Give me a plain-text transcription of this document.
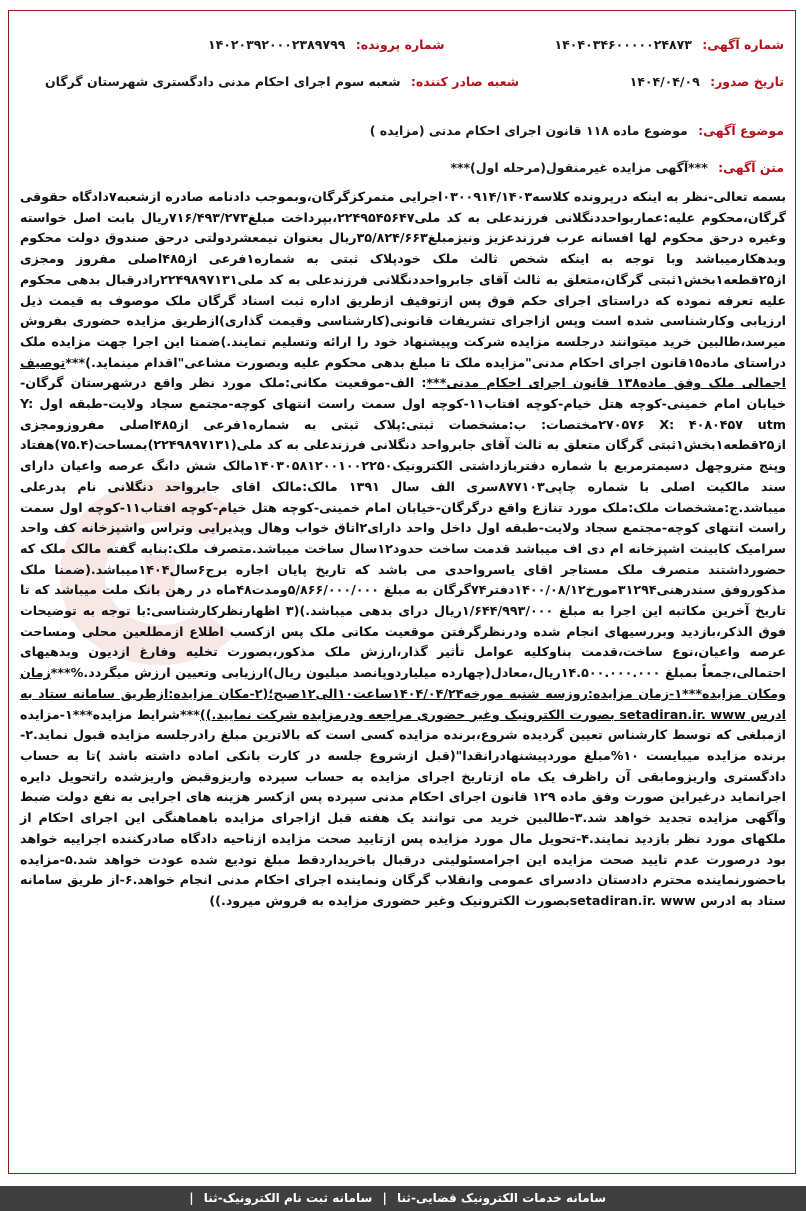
شماره آگهی: ۱۴۰۴۰۳۴۶۰۰۰۰۰۲۴۸۷۳
شماره پرونده: ۱۴۰۲۰۳۹۲۰۰۰۲۳۸۹۷۹۹
تاریخ صدور: ۱۴۰۴/۰۴/۰۹
شعبه صادر کننده: شعبه سوم اجرای احکام مدنی دادگستری شهرستان گرگان
موضوع آگهی: موضوع ماده ۱۱۸ قانون اجرای احکام مدنی (مزایده )
متن آگهی: ***آگهی مزایده غیرمنقول(مرحله اول)***
بسمه تعالی-نظر به اینکه درپرونده کلاسه۰۳۰۰۹۱۴/۱۴۰۳اجرایی متمرکزگرگان،وبموجب دادنامه صادره ازشعبه۷دادگاه حقوقی گرگان،محکوم علیه:عماربواحددنگلانی فرزندعلی به کد ملی۲۲۴۹۵۴۵۶۴۷،بپرداخت مبلغ۷۱۶/۴۹۳/۲۷۳ریال بابت اصل خواسته وغیره درحق محکوم لها افسانه عرب فرزندعزیز ونیزمبلغ۳۵/۸۲۴/۶۶۳ریال بعنوان نیمعشردولتی درحق صندوق دولت محکوم وبدهکارمیباشد وبا توجه به اینکه شخص ثالث ملک خودپلاک ثبتی به شماره۱فرعی از۴۸۵اصلی مفروز ومجزی از۲۵قطعه۱بخش۱ثبتی گرگان،متعلق به ثالث آقای جابرواحددنگلانی فرزندعلی به کد ملی۲۲۴۹۸۹۷۱۳۱رادرقبال بدهی محکوم علیه تعرفه نموده که دراستای اجرای حکم فوق پس ازتوقیف ازطریق اداره ثبت اسناد گرگان ملک موصوف به قیمت ذیل ارزیابی وکارشناسی شده است وپس ازاجرای تشریفات قانونی(کارشناسی وقیمت گذاری)ازطریق مزایده حضوری بفروش میرسد،طالبین خرید میتوانند درجلسه مزایده شرکت وپیشنهاد خود را ارائه وتسلیم نمایند.)ضمنا این اجرا جهت مزایده ملک دراستای ماده۱۵قانون اجرای احکام مدنی"مزایده ملک تا مبلغ بدهی محکوم علیه وبصورت مشاعی"اقدام مینماید.)***توصیف اجمالی ملک وفق ماده۱۳۸ قانون اجرای احکام مدنی***: الف-موقعیت مکانی:ملک مورد نظر واقع درشهرستان گرگان-خیابان امام خمینی-کوچه هتل خیام-کوچه افتاب۱۱-کوچه اول سمت راست انتهای کوچه-مجتمع سجاد ولایت-طبقه اول Y: ۲۷۰۵۷۶ X: ۴۰۸۰۴۵۷ utmمختصات: ب:مشخصات ثبتی:پلاک ثبتی به شماره۱فرعی از۴۸۵اصلی مفروزومجزی از۲۵قطعه۱بخش۱ثبتی گرگان متعلق به ثالث آقای جابرواحد دنگلانی فرزندعلی به کد ملی(۲۲۴۹۸۹۷۱۳۱)بمساحت(۷۵.۴)هفتاد وپنج متروچهل دسیمترمربع با شماره دفتربازداشتی الکترونیک۱۴۰۳۰۵۸۱۲۰۰۱۰۰۲۲۵۰مالک شش دانگ عرصه واعیان دارای سند مالکیت اصلی با شماره چاپی۸۷۷۱۰۳سری الف سال ۱۳۹۱ مالک:مالک اقای جابرواحد دنگلانی نام پدرعلی میباشد.ج:مشخصات ملک:ملک مورد تنازع واقع درگرگان-خیابان امام خمینی-کوچه هتل خیام-کوچه افتاب۱۱-کوچه اول سمت راست انتهای کوچه-مجتمع سجاد ولایت-طبقه اول داخل واحد دارای۲اتاق خواب وهال وپذیرایی وتراس واشپزخانه کف واحد سرامیک کابینت اشپزخانه ام دی اف میباشد قدمت ساخت حدود۱۲سال ساخت میباشد.متصرف ملک:بنابه گفته مالک ملک که حضورداشتند متصرف ملک مستاجر اقای یاسرواحدی می باشد که تاریخ پایان اجاره برج۶سال۱۴۰۴میباشد.(ضمنا ملک مذکوروفق سندرهنی۳۱۲۹۴مورخ۱۴۰۰/۰۸/۱۲دفتر۷۴گرگان به مبلغ ۵/۸۶۶/۰۰۰/۰۰۰ومدت۴۸ماه در رهن بانک ملت میباشد که تا تاریخ آخرین مکاتبه این اجرا به مبلغ ۱/۶۴۴/۹۹۳/۰۰۰ریال درای بدهی میباشد.)(۳ اظهارنظرکارشناسی:با توجه به توضیحات فوق الذکر،بازدید وبررسیهای انجام شده ودرنظرگرفتن موقعیت مکانی ملک پس ازکسب اطلاع ازمطلعین محلی ومساحت عرصه واعیان،نوع ساخت،قدمت بناوکلیه عوامل تأثیر گذار،ارزش ملک مذکور،بصورت تخلیه وفارغ ازدیون وبدهیهای احتمالی،جمعاً بمبلغ ۱۴.۵۰۰.۰۰۰.۰۰۰ریال،معادل(چهارده میلیاردوپانصد میلیون ریال)ارزیابی وتعیین ارزش میگردد.%***زمان ومکان مزایده***۱-زمان مزایده:روزسه شنبه مورخه۱۴۰۴/۰۴/۲۴ساعت۱۰الی۱۲صبح؛(۲-مکان مزایده:ازطریق سامانه ستاد به ادرس setadiran.ir. www بصورت الکترونیک وغیر حضوری مراجعه ودرمزایده شرکت نمایید.))***شرایط مزایده***۱-مزایده ازمبلغی که توسط کارشناس تعیین گردیده شروع،برنده مزایده کسی است که بالاترین مبلغ رادرجلسه مزایده قبول نماید.۲-برنده مزایده میبایست ۱۰%مبلغ موردپیشنهادرانقدا"(قبل ازشروع جلسه در کارت بانکی اماده داشته باشد )تا به حساب دادگستری واریزومابقی آن راظرف یک ماه ازتاریخ اجرای مزایده به حساب سپرده واریزوقبض واریزشده راتحویل دایره اجرانماید درغیراین صورت وفق ماده ۱۲۹ قانون اجرای احکام مدنی سپرده پس ازکسر هزینه های اجرایی به نفع دولت ضبط وآگهی مزایده تجدید خواهد شد.۳-طالبین خرید می توانند یک هفته قبل ازاجرای مزایده باهماهنگی این اجرای احکام از ملکهای مورد نظر بازدید نمایند.۴-تحویل مال مورد مزایده پس ازتایید صحت مزایده ازناحیه دادگاه صادرکننده اجراییه خواهد بود درصورت عدم تایید صحت مزایده این اجرامسئولیتی درقبال باخریداردقط مبلغ تودیع شده عودت خواهد شد.۵-مزایده باحضورنماینده محترم دادستان دادسرای عمومی وانقلاب گرگان ونماینده اجرای احکام مدنی انجام خواهد.۶-از طریق سامانه ستاد به ادرس setadiran.ir. wwwبصورت الکترونیک وغیر حضوری مزایده به فروش میرود.))
سامانه خدمات الکترونیک قضایی-ثنا | سامانه ثبت نام الکترونیک-ثنا |
